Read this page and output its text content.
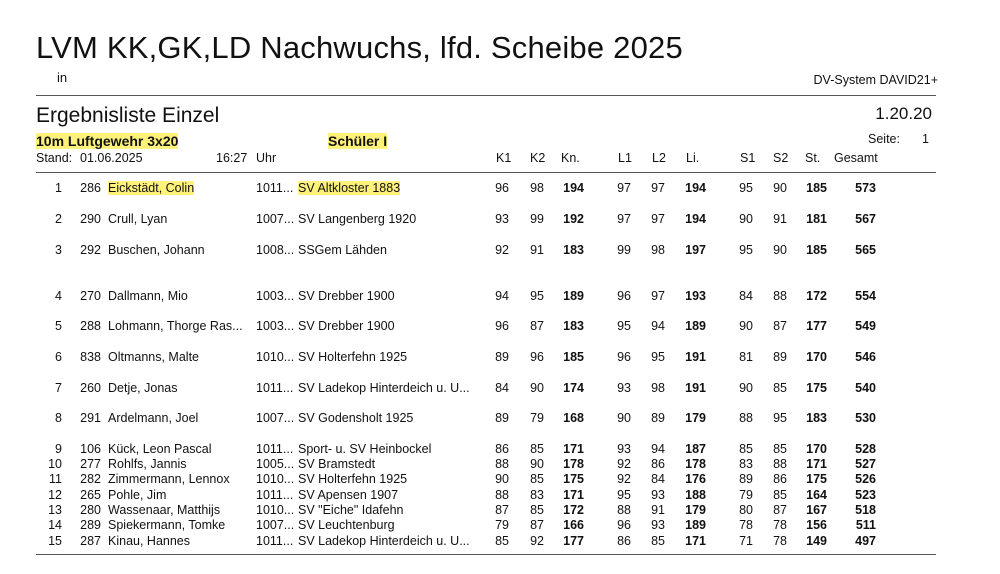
LVM KK,GK,LD Nachwuchs, lfd. Scheibe 2025
in	DV-System DAVID21+
Ergebnisliste Einzel	1.20.20
10m Luftgewehr 3x20	Schüler I	Seite: 1
Stand: 01.06.2025	16:27 Uhr	K1 K2 Kn.	L1 L2 Li.	S1 S2 St. Gesamt
1 286 Eickstädt, Colin	1011... SV Altkloster 1883	96 98 194	97 97 194	95 90 185 573
2 290 Crull, Lyan	1007... SV Langenberg 1920	93 99 192	97 97 194	90 91 181 567
3 292 Buschen, Johann	1008... SSGem Lähden	92 91 183	99 98 197	95 90 185 565
4 270 Dallmann, Mio	1003... SV Drebber 1900	94 95 189	96 97 193	84 88 172 554
5 288 Lohmann, Thorge Ras... 1003... SV Drebber 1900	96 87 183	95 94 189	90 87 177 549
6 838 Oltmanns, Malte	1010... SV Holterfehn 1925	89 96 185	96 95 191	81 89 170 546
7 260 Detje, Jonas	1011... SV Ladekop Hinterdeich u. U... 84 90 174	93 98 191	90 85 175 540
8 291 Ardelmann, Joel	1007... SV Godensholt 1925	89 79 168	90 89 179	88 95 183 530
9 106 Kück, Leon Pascal	1011... Sport- u. SV Heinbockel	86 85 171	93 94 187	85 85 170 528
10 277 Rohlfs, Jannis	1005... SV Bramstedt	88 90 178	92 86 178	83 88 171 527
11 282 Zimmermann, Lennox 1010... SV Holterfehn 1925	90 85 175	92 84 176	89 86 175 526
12 265 Pohle, Jim	1011... SV Apensen 1907	88 83 171	95 93 188	79 85 164 523
13 280 Wassenaar, Matthijs	1010... SV "Eiche" Idafehn	87 85 172	88 91 179	80 87 167 518
14 289 Spiekermann, Tomke 1007... SV Leuchtenburg	79 87 166	96 93 189	78 78 156 511
15 287 Kinau, Hannes	1011... SV Ladekop Hinterdeich u. U... 85 92 177	86 85 171	71 78 149 497
